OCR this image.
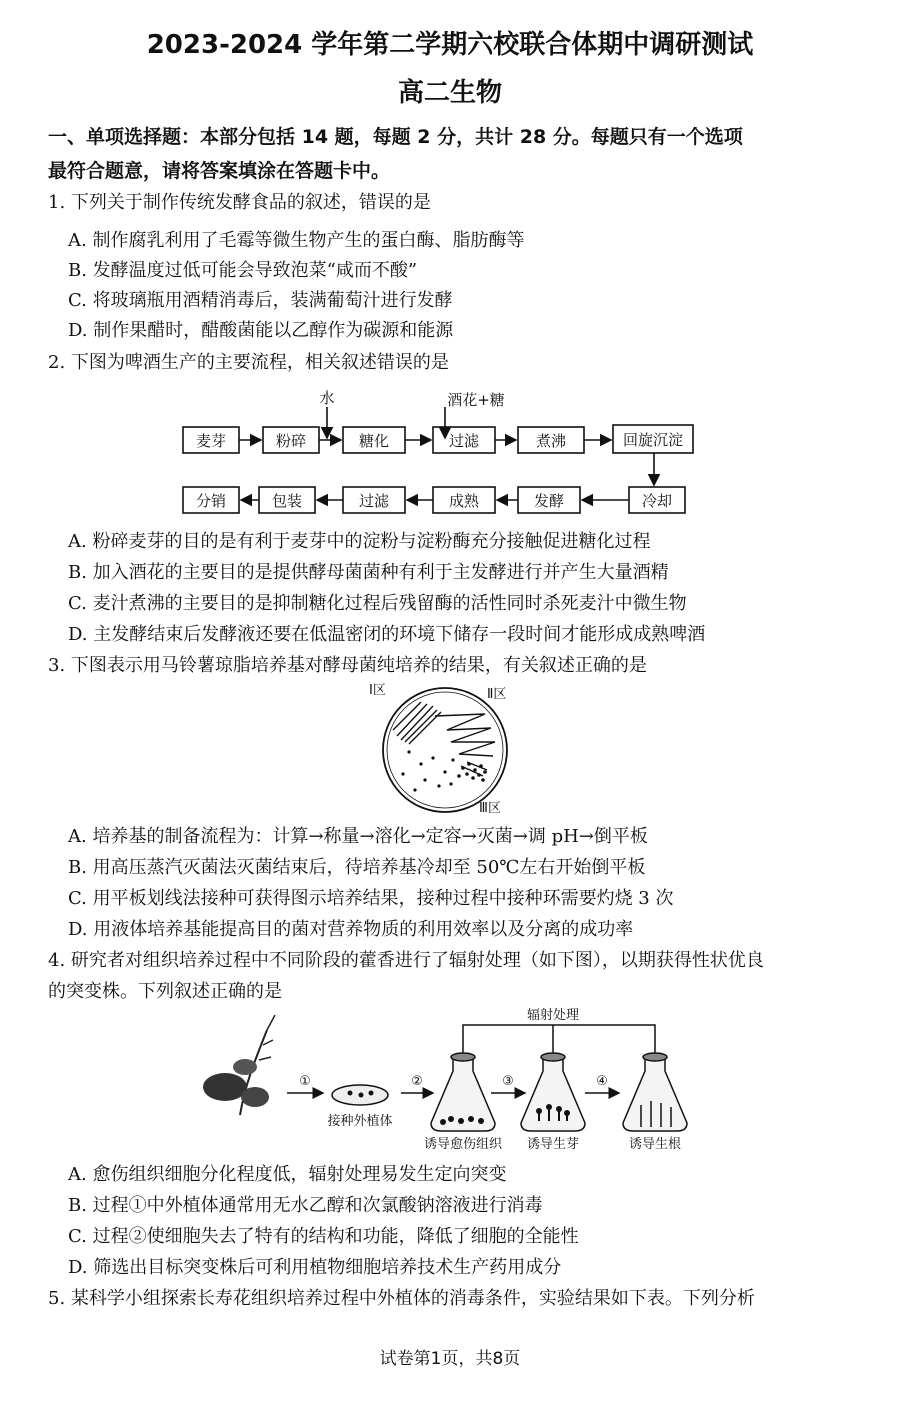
2023-2024 学年第二学期六校联合体期中调研测试
高二生物
一、单项选择题：本部分包括 14 题，每题 2 分，共计 28 分。每题只有一个选项
最符合题意，请将答案填涂在答题卡中。
1. 下列关于制作传统发酵食品的叙述，错误的是
A. 制作腐乳利用了毛霉等微生物产生的蛋白酶、脂肪酶等
B. 发酵温度过低可能会导致泡菜“咸而不酸”
C. 将玻璃瓶用酒精消毒后，装满葡萄汁进行发酵
D. 制作果醋时，醋酸菌能以乙醇作为碳源和能源
2. 下图为啤酒生产的主要流程，相关叙述错误的是
水	酒花+糖
麦芽	粉碎	糖化	过滤	煮沸	回旋沉淀
分销	包装	过滤	成熟	发酵	冷却
A. 粉碎麦芽的目的是有利于麦芽中的淀粉与淀粉酶充分接触促进糖化过程
B. 加入酒花的主要目的是提供酵母菌菌种有利于主发酵进行并产生大量酒精
C. 麦汁煮沸的主要目的是抑制糖化过程后残留酶的活性同时杀死麦汁中微生物
D. 主发酵结束后发酵液还要在低温密闭的环境下储存一段时间才能形成成熟啤酒
3. 下图表示用马铃薯琼脂培养基对酵母菌纯培养的结果，有关叙述正确的是
Ⅰ区	Ⅱ区
Ⅲ区
A. 培养基的制备流程为：计算→称量→溶化→定容→灭菌→调 pH→倒平板
B. 用高压蒸汽灭菌法灭菌结束后，待培养基冷却至 50℃左右开始倒平板
C. 用平板划线法接种可获得图示培养结果，接种过程中接种环需要灼烧 3 次
D. 用液体培养基能提高目的菌对营养物质的利用效率以及分离的成功率
4. 研究者对组织培养过程中不同阶段的藿香进行了辐射处理（如下图），以期获得性状优良
的突变株。下列叙述正确的是
辐射处理
①	②	③	④
接种外植体
诱导愈伤组织 诱导生芽	诱导生根
A. 愈伤组织细胞分化程度低，辐射处理易发生定向突变
B. 过程①中外植体通常用无水乙醇和次氯酸钠溶液进行消毒
C. 过程②使细胞失去了特有的结构和功能，降低了细胞的全能性
D. 筛选出目标突变株后可利用植物细胞培养技术生产药用成分
5. 某科学小组探索长寿花组织培养过程中外植体的消毒条件，实验结果如下表。下列分析
试卷第1页，共8页
